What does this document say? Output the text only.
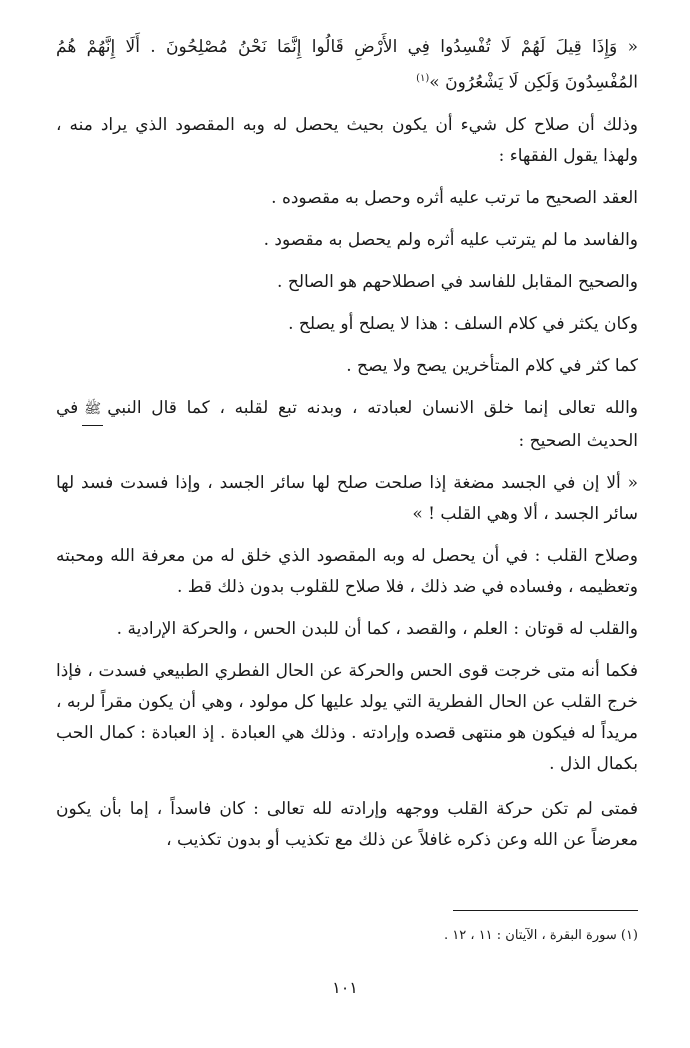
« وَإِذَا قِيلَ لَهُمْ لَا تُفْسِدُوا فِي الأَرْضِ قَالُوا إِنَّمَا نَحْنُ مُصْلِحُونَ . أَلَا إِنَّهُمْ هُمُ المُفْسِدُونَ وَلَكِن لَا يَشْعُرُونَ »$^{(١)}$

وذلك أن صلاح كل شيء أن يكون بحيث يحصل له وبه المقصود الذي يراد منه ، ولهذا يقول الفقهاء :

العقد الصحيح ما ترتب عليه أثره وحصل به مقصوده .

والفاسد ما لم يترتب عليه أثره ولم يحصل به مقصود .

والصحيح المقابل للفاسد في اصطلاحهم هو الصالح .

وكان يكثر في كلام السلف : هذا لا يصلح أو يصلح .

كما كثر في كلام المتأخرين يصح ولا يصح .

والله تعالى إنما خلق الانسان لعبادته ، وبدنه تبع لقلبه ، كما قال النبيﷺفي الحديث الصحيح :

« ألا إن في الجسد مضغة إذا صلحت صلح لها سائر الجسد ، وإذا فسدت فسد لها سائر الجسد ، ألا وهي القلب ! »

وصلاح القلب : في أن يحصل له وبه المقصود الذي خلق له من معرفة الله ومحبته وتعظيمه ، وفساده في ضد ذلك ، فلا صلاح للقلوب بدون ذلك قط .

والقلب له قوتان : العلم ، والقصد ، كما أن للبدن الحس ، والحركة الإرادية .

فكما أنه متى خرجت قوى الحس والحركة عن الحال الفطري الطبيعي فسدت ، فإذا خرج القلب عن الحال الفطرية التي يولد عليها كل مولود ، وهي أن يكون مقراً لربه ، مريداً له فيكون هو منتهى قصده وإرادته . وذلك هي العبادة . إذ العبادة : كمال الحب بكمال الذل .

فمتى لم تكن حركة القلب ووجهه وإرادته لله تعالى : كان فاسداً ، إما بأن يكون معرضاً عن الله وعن ذكره غافلاً عن ذلك مع تكذيب أو بدون تكذيب ،

(١) سورة البقرة ، الآيتان : ١١ ، ١٢ .
١٠١
